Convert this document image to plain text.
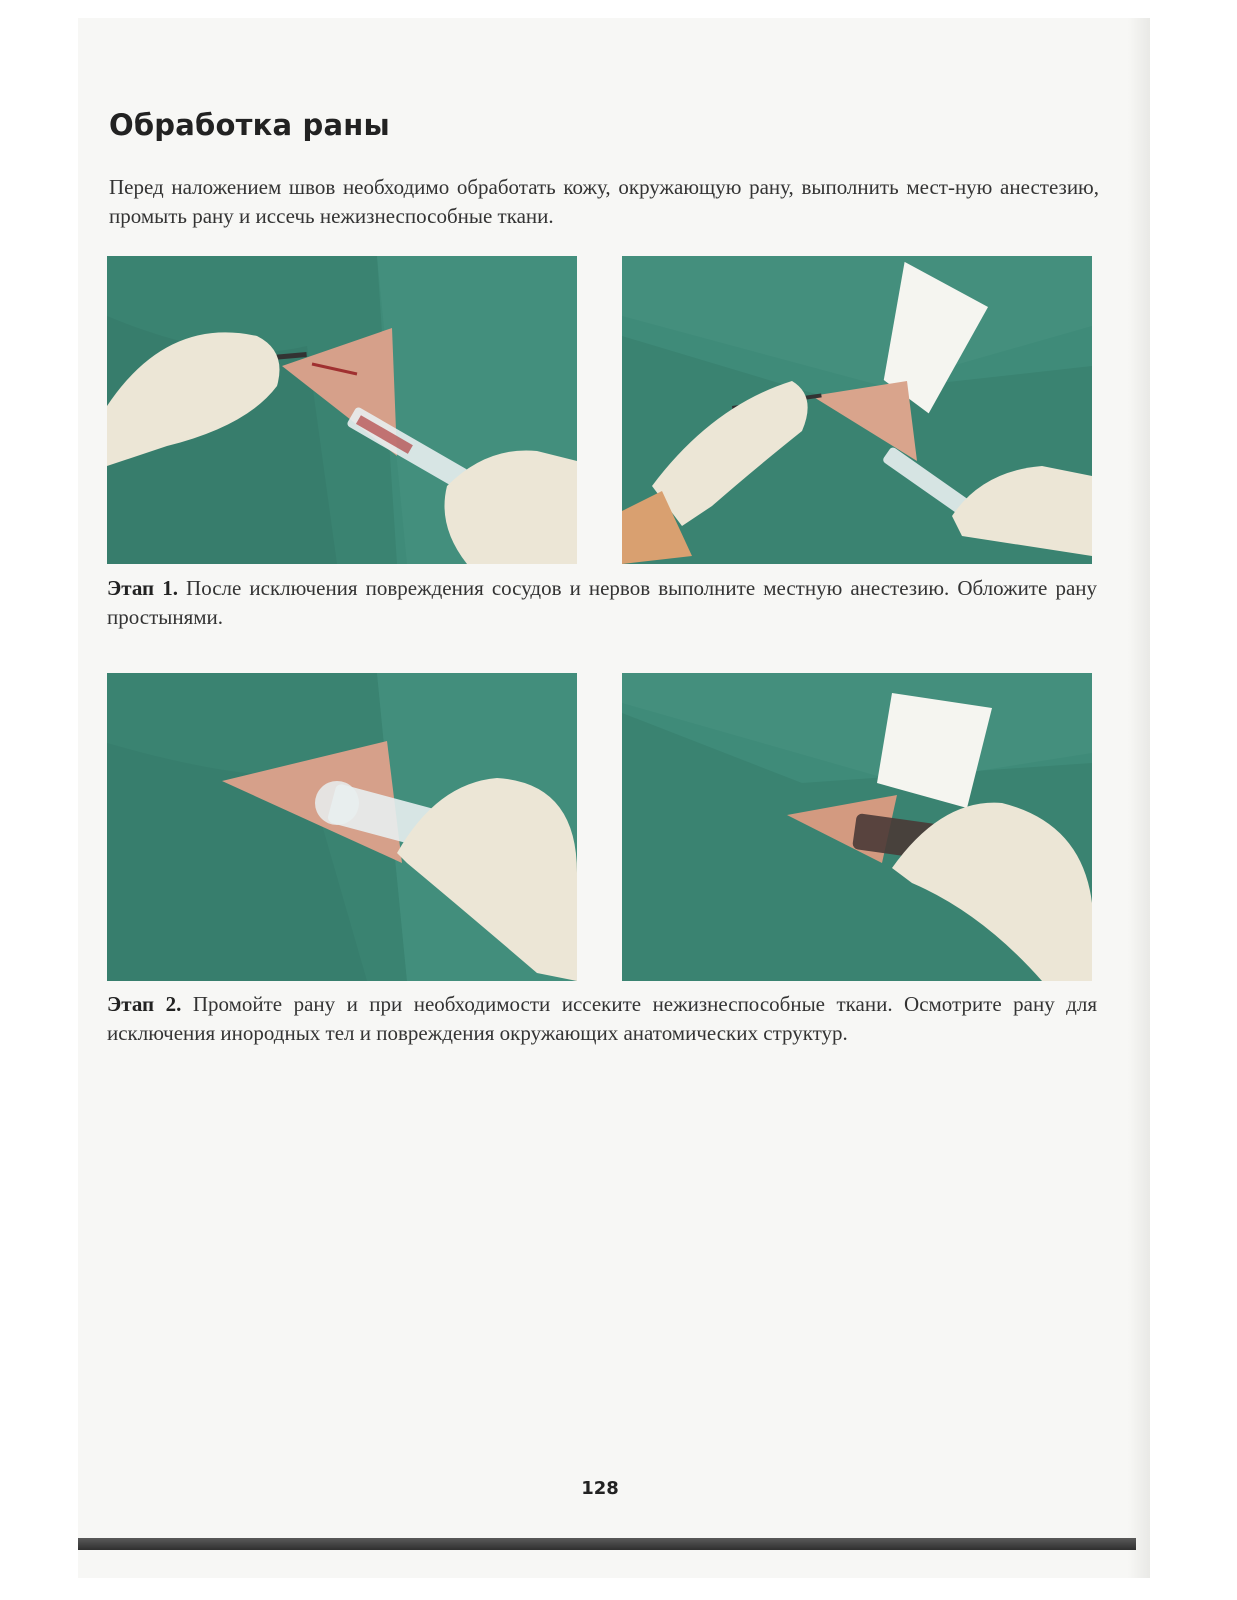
Обработка раны

Перед наложением швов необходимо обработать кожу, окружающую рану, выполнить мест-ную анестезию, промыть рану и иссечь нежизнеспособные ткани.

Этап 1. После исключения повреждения сосудов и нервов выполните местную анестезию. Обложите рану простынями.

Этап 2. Промойте рану и при необходимости иссеките нежизнеспособные ткани. Осмотрите рану для исключения инородных тел и повреждения окружающих анатомических структур.

128
